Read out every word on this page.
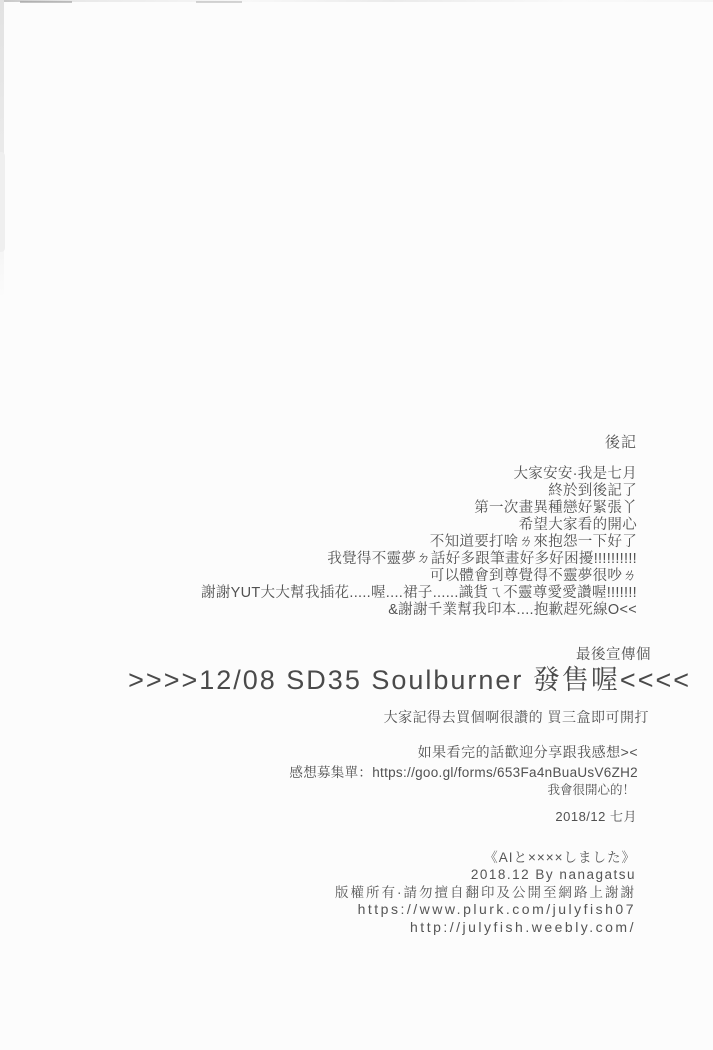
後記
大家安安·我是七月
終於到後記了
第一次畫異種戀好緊張丫
希望大家看的開心
不知道要打啥ㄌ來抱怨一下好了
我覺得不靈夢ㄉ話好多跟筆畫好多好困擾!!!!!!!!!!
可以體會到尊覺得不靈夢很吵ㄌ
謝謝YUT大大幫我插花.....喔....裙子......識貨ㄟ不靈尊愛愛讚喔!!!!!!!
&謝謝千業幫我印本....抱歉趕死線O<<
最後宣傳個
>>>>12/08 SD35 Soulburner 發售喔<<<<
大家記得去買個啊很讚的 買三盒即可開打
如果看完的話歡迎分享跟我感想><
感想募集單：https://goo.gl/forms/653Fa4nBuaUsV6ZH2
我會很開心的！
2018/12 七月
《AIと××××しました》
2018.12 By nanagatsu
版權所有·請勿擅自翻印及公開至網路上謝謝
https://www.plurk.com/julyfish07
http://julyfish.weebly.com/
